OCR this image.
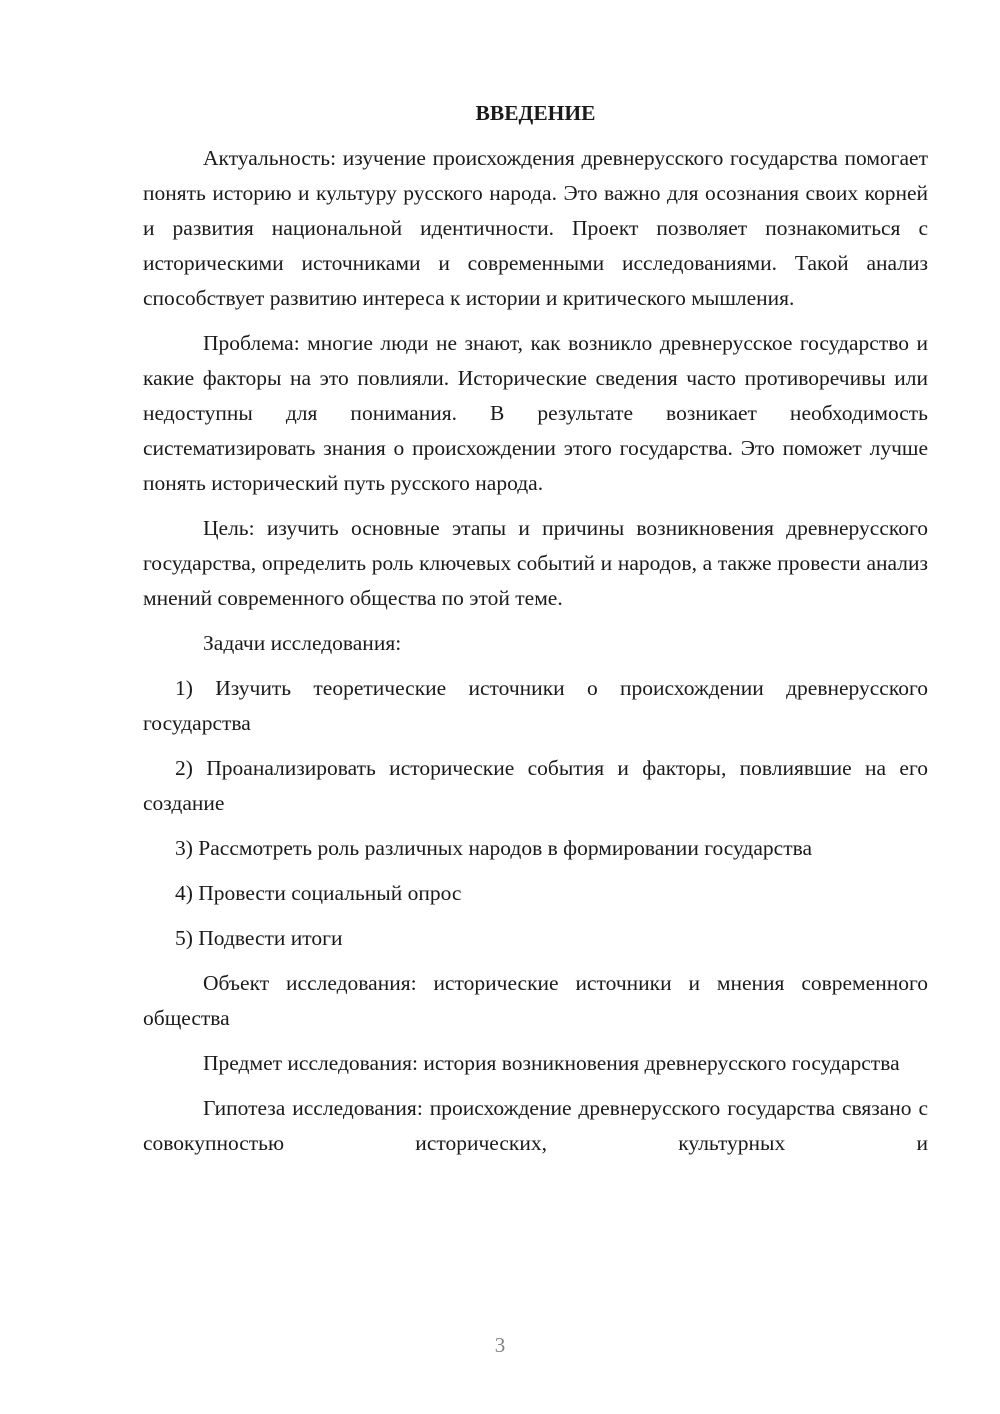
ВВЕДЕНИЕ

Актуальность: изучение происхождения древнерусского государства помогает понять историю и культуру русского народа. Это важно для осознания своих корней и развития национальной идентичности. Проект позволяет познакомиться с историческими источниками и современными исследованиями. Такой анализ способствует развитию интереса к истории и критического мышления.

Проблема: многие люди не знают, как возникло древнерусское государство и какие факторы на это повлияли. Исторические сведения часто противоречивы или недоступны для понимания. В результате возникает необходимость систематизировать знания о происхождении этого государства. Это поможет лучше понять исторический путь русского народа.

Цель: изучить основные этапы и причины возникновения древнерусского государства, определить роль ключевых событий и народов, а также провести анализ мнений современного общества по этой теме.

Задачи исследования:

1) Изучить теоретические источники о происхождении древнерусского государства

2) Проанализировать исторические события и факторы, повлиявшие на его создание

3) Рассмотреть роль различных народов в формировании государства

4) Провести социальный опрос

5) Подвести итоги

Объект исследования: исторические источники и мнения современного общества

Предмет исследования: история возникновения древнерусского государства

Гипотеза исследования: происхождение древнерусского государства связано с совокупностью исторических, культурных и

3
